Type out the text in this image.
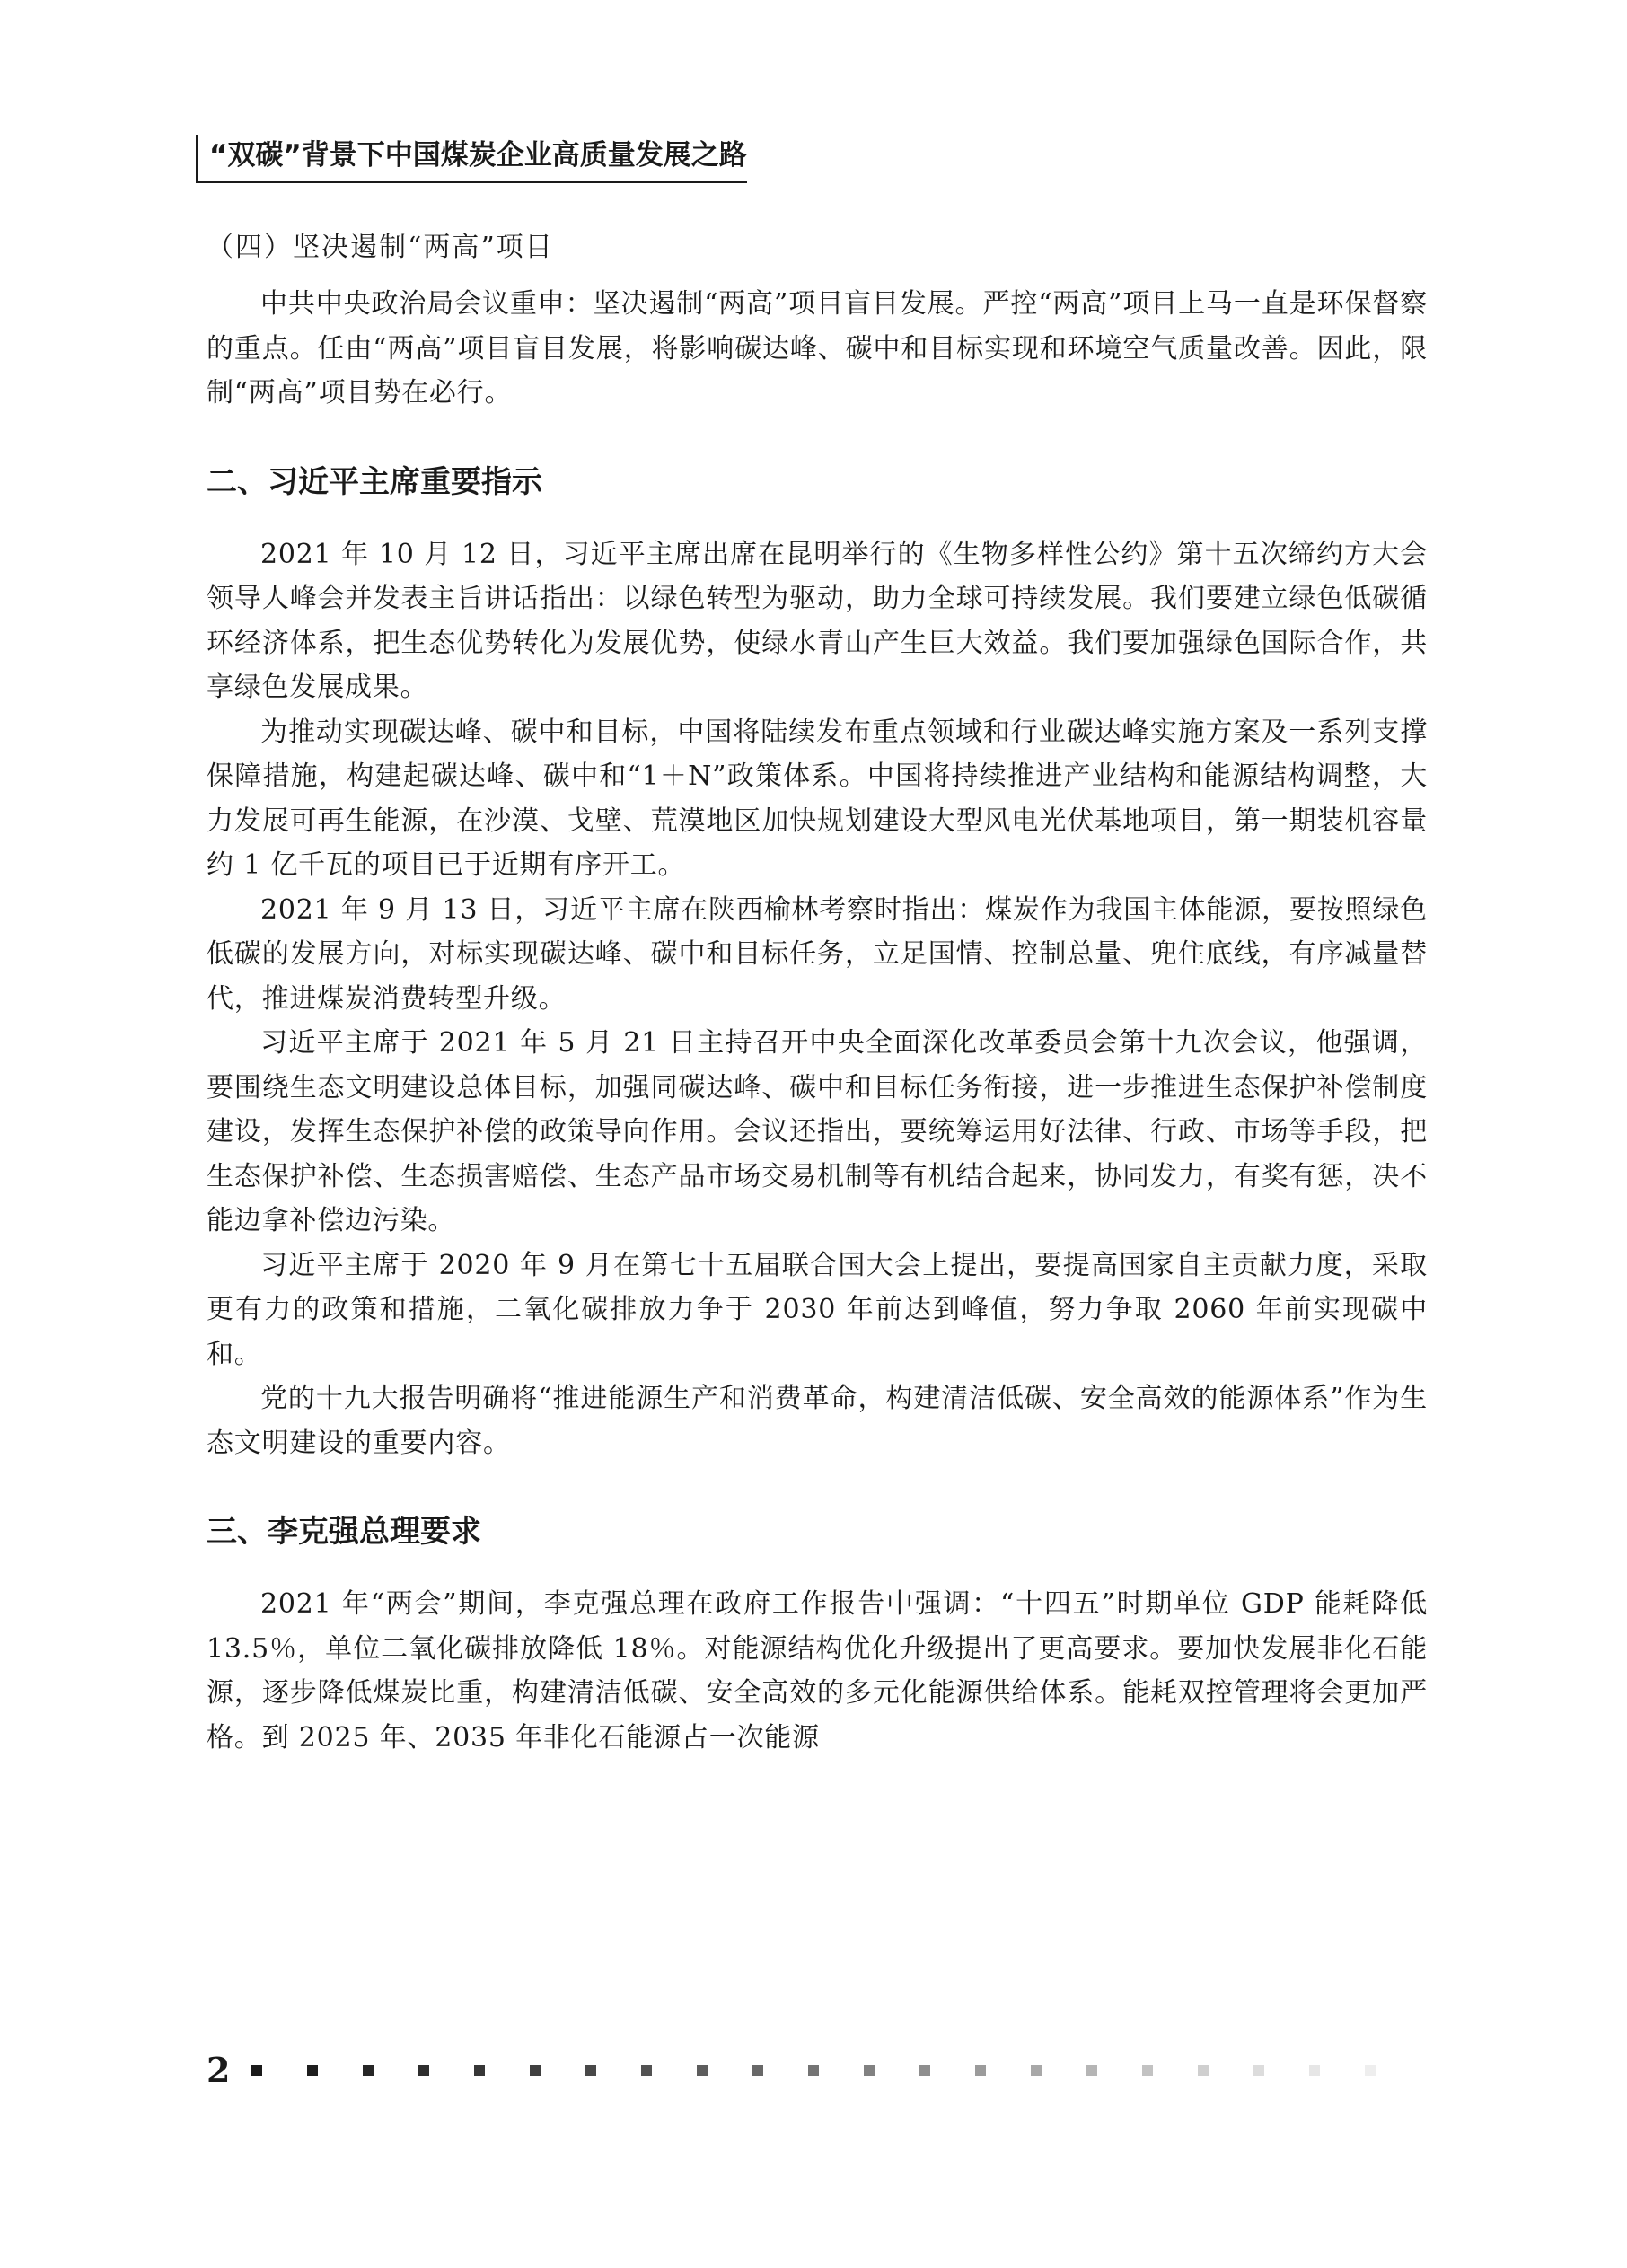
“双碳”背景下中国煤炭企业高质量发展之路
（四）坚决遏制“两高”项目

中共中央政治局会议重申：坚决遏制“两高”项目盲目发展。严控“两高”项目上马一直是环保督察的重点。任由“两高”项目盲目发展，将影响碳达峰、碳中和目标实现和环境空气质量改善。因此，限制“两高”项目势在必行。

二、习近平主席重要指示

2021 年 10 月 12 日，习近平主席出席在昆明举行的《生物多样性公约》第十五次缔约方大会领导人峰会并发表主旨讲话指出：以绿色转型为驱动，助力全球可持续发展。我们要建立绿色低碳循环经济体系，把生态优势转化为发展优势，使绿水青山产生巨大效益。我们要加强绿色国际合作，共享绿色发展成果。

为推动实现碳达峰、碳中和目标，中国将陆续发布重点领域和行业碳达峰实施方案及一系列支撑保障措施，构建起碳达峰、碳中和“1＋N”政策体系。中国将持续推进产业结构和能源结构调整，大力发展可再生能源，在沙漠、戈壁、荒漠地区加快规划建设大型风电光伏基地项目，第一期装机容量约 1 亿千瓦的项目已于近期有序开工。

2021 年 9 月 13 日，习近平主席在陕西榆林考察时指出：煤炭作为我国主体能源，要按照绿色低碳的发展方向，对标实现碳达峰、碳中和目标任务，立足国情、控制总量、兜住底线，有序减量替代，推进煤炭消费转型升级。

习近平主席于 2021 年 5 月 21 日主持召开中央全面深化改革委员会第十九次会议，他强调，要围绕生态文明建设总体目标，加强同碳达峰、碳中和目标任务衔接，进一步推进生态保护补偿制度建设，发挥生态保护补偿的政策导向作用。会议还指出，要统筹运用好法律、行政、市场等手段，把生态保护补偿、生态损害赔偿、生态产品市场交易机制等有机结合起来，协同发力，有奖有惩，决不能边拿补偿边污染。

习近平主席于 2020 年 9 月在第七十五届联合国大会上提出，要提高国家自主贡献力度，采取更有力的政策和措施，二氧化碳排放力争于 2030 年前达到峰值，努力争取 2060 年前实现碳中和。

党的十九大报告明确将“推进能源生产和消费革命，构建清洁低碳、安全高效的能源体系”作为生态文明建设的重要内容。

三、李克强总理要求

2021 年“两会”期间，李克强总理在政府工作报告中强调：“十四五”时期单位 GDP 能耗降低 13.5％，单位二氧化碳排放降低 18％。对能源结构优化升级提出了更高要求。要加快发展非化石能源，逐步降低煤炭比重，构建清洁低碳、安全高效的多元化能源供给体系。能耗双控管理将会更加严格。到 2025 年、2035 年非化石能源占一次能源

2
